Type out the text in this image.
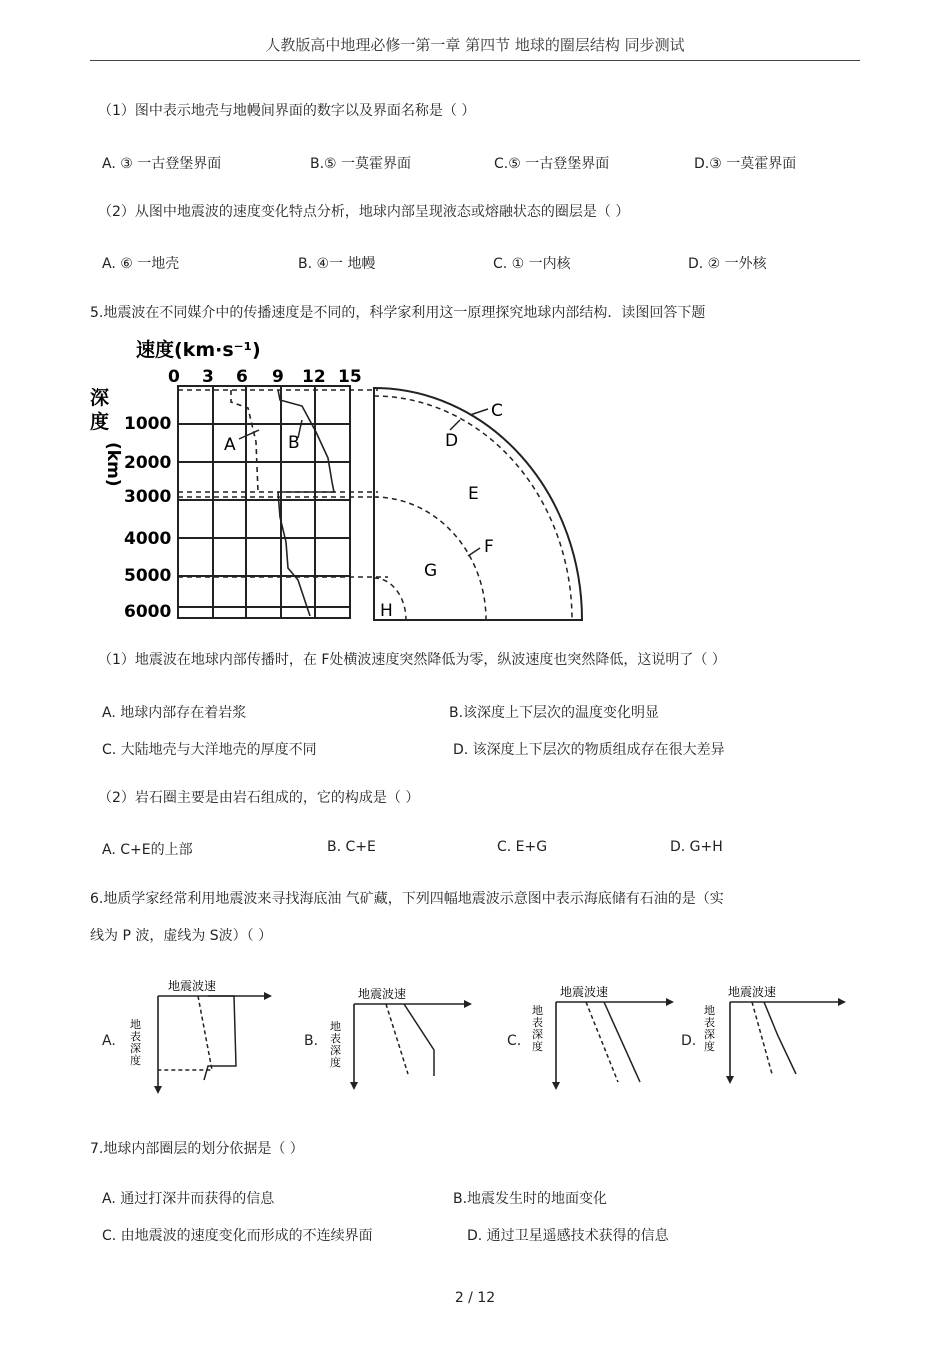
人教版高中地理必修一第一章 第四节 地球的圈层结构 同步测试
（1）图中表示地壳与地幔间界面的数字以及界面名称是（ ）
A. ③ 一古登堡界面	B.⑤ 一莫霍界面	C.⑤ 一古登堡界面	D.③ 一莫霍界面
（2）从图中地震波的速度变化特点分析，地球内部呈现液态或熔融状态的圈层是（ ）
A. ⑥ 一地壳	B. ④一 地幔	C. ① 一内核	D. ② 一外核
5.地震波在不同媒介中的传播速度是不同的，科学家利用这一原理探究地球内部结构．读图回答下题
速度(km·s⁻¹)
0 3 6 9 12 15
深
度
(km)
1000
2000
3000
4000
5000
6000
A	B
C
D
E
F
G
H
（1）地震波在地球内部传播时，在 F处横波速度突然降低为零，纵波速度也突然降低，这说明了（ ）
A. 地球内部存在着岩浆	B.该深度上下层次的温度变化明显
C. 大陆地壳与大洋地壳的厚度不同	D. 该深度上下层次的物质组成存在很大差异
（2）岩石圈主要是由岩石组成的，它的构成是（ ）
A. C+E的上部	B. C+E	C. E+G	D. G+H
6.地质学家经常利用地震波来寻找海底油 气矿藏，下列四幅地震波示意图中表示海底储有石油的是（实
线为 P 波，虚线为 S波）（ ）
A.	B.	C.	D.
地震波速
地
表
深
度
地震波速
地
表
深
度
地震波速
地
表
深
度
地震波速
地
表
深
度
7.地球内部圈层的划分依据是（ ）
A. 通过打深井而获得的信息	B.地震发生时的地面变化
C. 由地震波的速度变化而形成的不连续界面	D. 通过卫星遥感技术获得的信息
2 / 12
